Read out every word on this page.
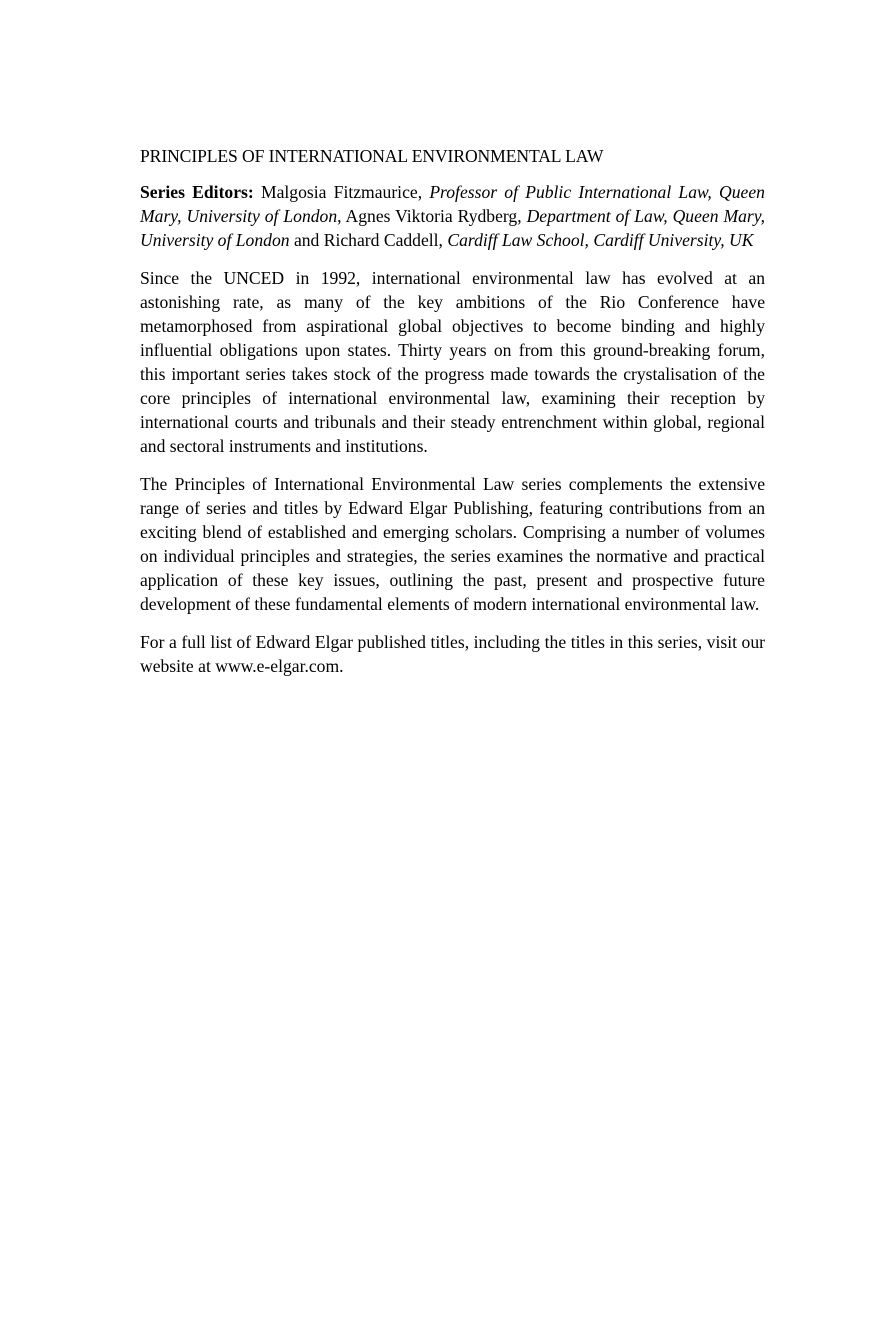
PRINCIPLES OF INTERNATIONAL ENVIRONMENTAL LAW

Series Editors: Malgosia Fitzmaurice, Professor of Public International Law, Queen Mary, University of London, Agnes Viktoria Rydberg, Department of Law, Queen Mary, University of London and Richard Caddell, Cardiff Law School, Cardiff University, UK

Since the UNCED in 1992, international environmental law has evolved at an astonishing rate, as many of the key ambitions of the Rio Conference have metamorphosed from aspirational global objectives to become binding and highly influential obligations upon states. Thirty years on from this ground-breaking forum, this important series takes stock of the progress made towards the crystalisation of the core principles of international environmental law, examining their reception by international courts and tribunals and their steady entrenchment within global, regional and sectoral instruments and institutions.

The Principles of International Environmental Law series complements the extensive range of series and titles by Edward Elgar Publishing, featuring contributions from an exciting blend of established and emerging scholars. Comprising a number of volumes on individual principles and strategies, the series examines the normative and practical application of these key issues, outlining the past, present and prospective future development of these fundamental elements of modern international environmental law.

For a full list of Edward Elgar published titles, including the titles in this series, visit our website at www.e-elgar.com.
